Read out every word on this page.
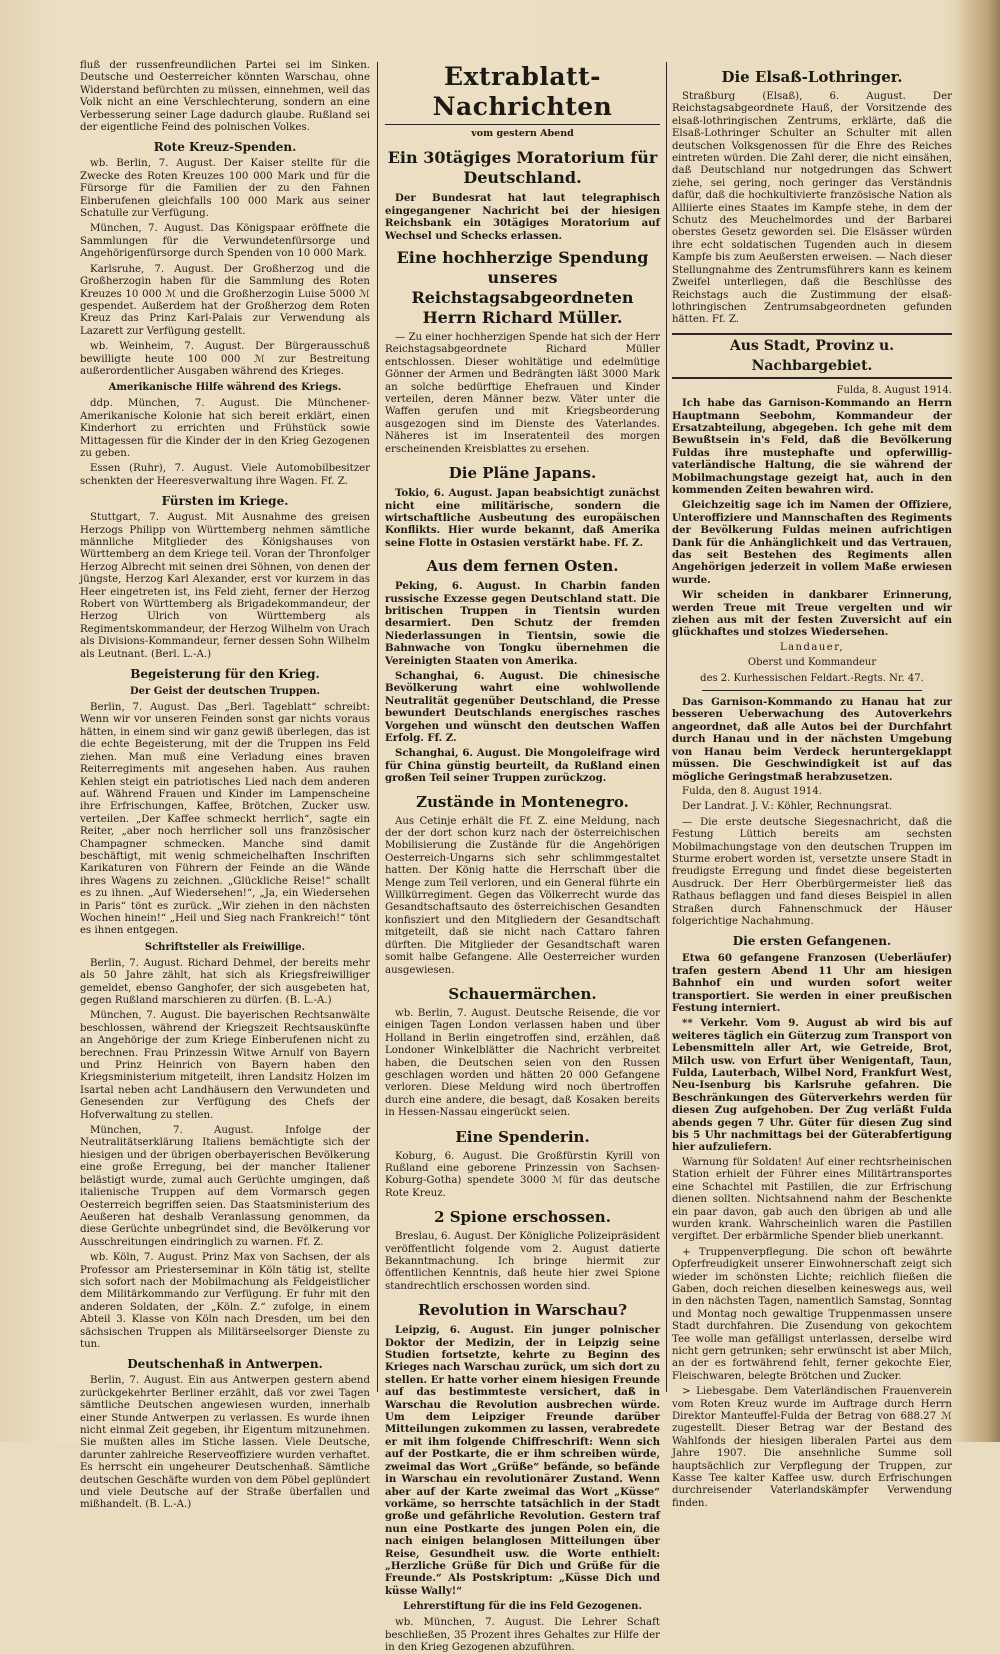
fluß der russenfreundlichen Partei sei im Sinken. Deutsche und Oesterreicher könnten Warschau, ohne Widerstand befürchten zu müssen, einnehmen, weil das Volk nicht an eine Verschlechterung, sondern an eine Verbesserung seiner Lage dadurch glaube. Rußland sei der eigentliche Feind des polnischen Volkes.

Rote Kreuz-Spenden.

wb. Berlin, 7. August. Der Kaiser stellte für die Zwecke des Roten Kreuzes 100 000 Mark und für die Fürsorge für die Familien der zu den Fahnen Einberufenen gleichfalls 100 000 Mark aus seiner Schatulle zur Verfügung.

München, 7. August. Das Königspaar eröffnete die Sammlungen für die Verwundetenfürsorge und Angehörigenfürsorge durch Spenden von 10 000 Mark.

Karlsruhe, 7. August. Der Großherzog und die Großherzogin haben für die Sammlung des Roten Kreuzes 10 000 ℳ und die Großherzogin Luise 5000 ℳ gespendet. Außerdem hat der Großherzog dem Roten Kreuz das Prinz Karl-Palais zur Verwendung als Lazarett zur Verfügung gestellt.

wb. Weinheim, 7. August. Der Bürgerausschuß bewilligte heute 100 000 ℳ zur Bestreitung außerordentlicher Ausgaben während des Krieges.

Amerikanische Hilfe während des Kriegs.

ddp. München, 7. August. Die Münchener-Amerikanische Kolonie hat sich bereit erklärt, einen Kinderhort zu errichten und Frühstück sowie Mittagessen für die Kinder der in den Krieg Gezogenen zu geben.

Essen (Ruhr), 7. August. Viele Automobilbesitzer schenkten der Heeresverwaltung ihre Wagen. Ff. Z.

Fürsten im Kriege.

Stuttgart, 7. August. Mit Ausnahme des greisen Herzogs Philipp von Württemberg nehmen sämtliche männliche Mitglieder des Königshauses von Württemberg an dem Kriege teil. Voran der Thronfolger Herzog Albrecht mit seinen drei Söhnen, von denen der jüngste, Herzog Karl Alexander, erst vor kurzem in das Heer eingetreten ist, ins Feld zieht, ferner der Herzog Robert von Württemberg als Brigadekommandeur, der Herzog Ulrich von Württemberg als Regimentskommandeur, der Herzog Wilhelm von Urach als Divisions-Kommandeur, ferner dessen Sohn Wilhelm als Leutnant. (Berl. L.-A.)

Begeisterung für den Krieg.
Der Geist der deutschen Truppen.

Berlin, 7. August. Das „Berl. Tageblatt“ schreibt: Wenn wir vor unseren Feinden sonst gar nichts voraus hätten, in einem sind wir ganz gewiß überlegen, das ist die echte Begeisterung, mit der die Truppen ins Feld ziehen. Man muß eine Verladung eines braven Reiterregiments mit angesehen haben. Aus rauhen Kehlen steigt ein patriotisches Lied nach dem anderen auf. Während Frauen und Kinder im Lampenscheine ihre Erfrischungen, Kaffee, Brötchen, Zucker usw. verteilen. „Der Kaffee schmeckt herrlich“, sagte ein Reiter, „aber noch herrlicher soll uns französischer Champagner schmecken. Manche sind damit beschäftigt, mit wenig schmeichelhaften Inschriften Karikaturen von Führern der Feinde an die Wände ihres Wagens zu zeichnen. „Glückliche Reise!“ schallt es zu ihnen. „Auf Wiedersehen!“, „Ja, ein Wiedersehen in Paris“ tönt es zurück. „Wir ziehen in den nächsten Wochen hinein!“ „Heil und Sieg nach Frankreich!“ tönt es ihnen entgegen.

Schriftsteller als Freiwillige.

Berlin, 7. August. Richard Dehmel, der bereits mehr als 50 Jahre zählt, hat sich als Kriegsfreiwilliger gemeldet, ebenso Ganghofer, der sich ausgebeten hat, gegen Rußland marschieren zu dürfen. (B. L.-A.)

München, 7. August. Die bayerischen Rechtsanwälte beschlossen, während der Kriegszeit Rechtsauskünfte an Angehörige der zum Kriege Einberufenen nicht zu berechnen. Frau Prinzessin Witwe Arnulf von Bayern und Prinz Heinrich von Bayern haben den Kriegsministerium mitgeteilt, ihren Landsitz Holzen im Isartal neben acht Landhäusern den Verwundeten und Genesenden zur Verfügung des Chefs der Hofverwaltung zu stellen.

München, 7. August. Infolge der Neutralitätserklärung Italiens bemächtigte sich der hiesigen und der übrigen oberbayerischen Bevölkerung eine große Erregung, bei der mancher Italiener belästigt wurde, zumal auch Gerüchte umgingen, daß italienische Truppen auf dem Vormarsch gegen Oesterreich begriffen seien. Das Staatsministerium des Aeußeren hat deshalb Veranlassung genommen, da diese Gerüchte unbegründet sind, die Bevölkerung vor Ausschreitungen eindringlich zu warnen. Ff. Z.

wb. Köln, 7. August. Prinz Max von Sachsen, der als Professor am Priesterseminar in Köln tätig ist, stellte sich sofort nach der Mobilmachung als Feldgeistlicher dem Militärkommando zur Verfügung. Er fuhr mit den anderen Soldaten, der „Köln. Z.“ zufolge, in einem Abteil 3. Klasse von Köln nach Dresden, um bei den sächsischen Truppen als Militärseelsorger Dienste zu tun.

Deutschenhaß in Antwerpen.

Berlin, 7. August. Ein aus Antwerpen gestern abend zurückgekehrter Berliner erzählt, daß vor zwei Tagen sämtliche Deutschen angewiesen wurden, innerhalb einer Stunde Antwerpen zu verlassen. Es wurde ihnen nicht einmal Zeit gegeben, ihr Eigentum mitzunehmen. Sie mußten alles im Stiche lassen. Viele Deutsche, darunter zahlreiche Reserveoffiziere wurden verhaftet. Es herrscht ein ungeheurer Deutschenhaß. Sämtliche deutschen Geschäfte wurden von dem Pöbel geplündert und viele Deutsche auf der Straße überfallen und mißhandelt. (B. L.-A.)

Extrablatt-Nachrichten
vom gestern Abend
Ein 30tägiges Moratorium für Deutschland.

Der Bundesrat hat laut telegraphisch eingegangener Nachricht bei der hiesigen Reichsbank ein 30tägiges Moratorium auf Wechsel und Schecks erlassen.

Eine hochherzige Spendung unseres Reichstagsabgeordneten Herrn Richard Müller.

— Zu einer hochherzigen Spende hat sich der Herr Reichstagsabgeordnete Richard Müller entschlossen. Dieser wohltätige und edelmütige Gönner der Armen und Bedrängten läßt 3000 Mark an solche bedürftige Ehefrauen und Kinder verteilen, deren Männer bezw. Väter unter die Waffen gerufen und mit Kriegsbeorderung ausgezogen sind im Dienste des Vaterlandes. Näheres ist im Inseratenteil des morgen erscheinenden Kreisblattes zu ersehen.

Die Pläne Japans.

Tokio, 6. August. Japan beabsichtigt zunächst nicht eine militärische, sondern die wirtschaftliche Ausbeutung des europäischen Konflikts. Hier wurde bekannt, daß Amerika seine Flotte in Ostasien verstärkt habe. Ff. Z.

Aus dem fernen Osten.

Peking, 6. August. In Charbin fanden russische Exzesse gegen Deutschland statt. Die britischen Truppen in Tientsin wurden desarmiert. Den Schutz der fremden Niederlassungen in Tientsin, sowie die Bahnwache von Tongku übernehmen die Vereinigten Staaten von Amerika.

Schanghai, 6. August. Die chinesische Bevölkerung wahrt eine wohlwollende Neutralität gegenüber Deutschland, die Presse bewundert Deutschlands energisches rasches Vorgehen und wünscht den deutschen Waffen Erfolg. Ff. Z.

Schanghai, 6. August. Die Mongoleifrage wird für China günstig beurteilt, da Rußland einen großen Teil seiner Truppen zurückzog.

Zustände in Montenegro.

Aus Cetinje erhält die Ff. Z. eine Meldung, nach der der dort schon kurz nach der österreichischen Mobilisierung die Zustände für die Angehörigen Oesterreich-Ungarns sich sehr schlimmgestaltet hatten. Der König hatte die Herrschaft über die Menge zum Teil verloren, und ein General führte ein Willkürregiment. Gegen das Völkerrecht wurde das Gesandtschaftsauto des österreichischen Gesandten konfisziert und den Mitgliedern der Gesandtschaft mitgeteilt, daß sie nicht nach Cattaro fahren dürften. Die Mitglieder der Gesandtschaft waren somit halbe Gefangene. Alle Oesterreicher wurden ausgewiesen.

Schauermärchen.

wb. Berlin, 7. August. Deutsche Reisende, die vor einigen Tagen London verlassen haben und über Holland in Berlin eingetroffen sind, erzählen, daß Londoner Winkelblätter die Nachricht verbreitet haben, die Deutschen seien von den Russen geschlagen worden und hätten 20 000 Gefangene verloren. Diese Meldung wird noch übertroffen durch eine andere, die besagt, daß Kosaken bereits in Hessen-Nassau eingerückt seien.

Eine Spenderin.

Koburg, 6. August. Die Großfürstin Kyrill von Rußland eine geborene Prinzessin von Sachsen-Koburg-Gotha) spendete 3000 ℳ für das deutsche Rote Kreuz.

2 Spione erschossen.

Breslau, 6. August. Der Königliche Polizeipräsident veröffentlicht folgende vom 2. August datierte Bekanntmachung. Ich bringe hiermit zur öffentlichen Kenntnis, daß heute hier zwei Spione standrechtlich erschossen worden sind.

Revolution in Warschau?

Leipzig, 6. August. Ein junger polnischer Doktor der Medizin, der in Leipzig seine Studien fortsetzte, kehrte zu Beginn des Krieges nach Warschau zurück, um sich dort zu stellen. Er hatte vorher einem hiesigen Freunde auf das bestimmteste versichert, daß in Warschau die Revolution ausbrechen würde. Um dem Leipziger Freunde darüber Mitteilungen zukommen zu lassen, verabredete er mit ihm folgende Chiffreschrift: Wenn sich auf der Postkarte, die er ihm schreiben würde, zweimal das Wort „Grüße“ befände, so befände in Warschau ein revolutionärer Zustand. Wenn aber auf der Karte zweimal das Wort „Küsse“ vorkäme, so herrschte tatsächlich in der Stadt große und gefährliche Revolution. Gestern traf nun eine Postkarte des jungen Polen ein, die nach einigen belanglosen Mitteilungen über Reise, Gesundheit usw. die Worte enthielt: „Herzliche Grüße für Dich und Grüße für die Freunde.“ Als Postskriptum: „Küsse Dich und küsse Wally!“

Lehrerstiftung für die ins Feld Gezogenen.

wb. München, 7. August. Die Lehrer Schaft beschließen, 35 Prozent ihres Gehaltes zur Hilfe der in den Krieg Gezogenen abzuführen.

Die Elsaß-Lothringer.

Straßburg (Elsaß), 6. August. Der Reichstagsabgeordnete Hauß, der Vorsitzende des elsaß-lothringischen Zentrums, erklärte, daß die Elsaß-Lothringer Schulter an Schulter mit allen deutschen Volksgenossen für die Ehre des Reiches eintreten würden. Die Zahl derer, die nicht einsähen, daß Deutschland nur notgedrungen das Schwert ziehe, sei gering, noch geringer das Verständnis dafür, daß die hochkultivierte französische Nation als Alliierte eines Staates im Kampfe stehe, in dem der Schutz des Meuchelmordes und der Barbarei oberstes Gesetz geworden sei. Die Elsässer würden ihre echt soldatischen Tugenden auch in diesem Kampfe bis zum Aeußersten erweisen. — Nach dieser Stellungnahme des Zentrumsführers kann es keinem Zweifel unterliegen, daß die Beschlüsse des Reichstags auch die Zustimmung der elsaß-lothringischen Zentrumsabgeordneten gefunden hätten. Ff. Z.

Aus Stadt, Provinz u. Nachbargebiet.
Fulda, 8. August 1914.

Ich habe das Garnison-Kommando an Herrn Hauptmann Seebohm, Kommandeur der Ersatzabteilung, abgegeben. Ich gehe mit dem Bewußtsein in's Feld, daß die Bevölkerung Fuldas ihre mustерhafte und opferwillig-vaterländische Haltung, die sie während der Mobilmachungstage gezeigt hat, auch in den kommenden Zeiten bewahren wird.

Gleichzeitig sage ich im Namen der Offiziere, Unteroffiziere und Mannschaften des Regiments der Bevölkerung Fuldas meinen aufrichtigen Dank für die Anhänglichkeit und das Vertrauen, das seit Bestehen des Regiments allen Angehörigen jederzeit in vollem Maße erwiesen wurde.

Wir scheiden in dankbarer Erinnerung, werden Treue mit Treue vergelten und wir ziehen aus mit der festen Zuversicht auf ein glückhaftes und stolzes Wiedersehen.

Landauer,
Oberst und Kommandeur
des 2. Kurhessischen Feldart.-Regts. Nr. 47.

Das Garnison-Kommando zu Hanau hat zur besseren Ueberwachung des Autoverkehrs angeordnet, daß alle Autos bei der Durchfahrt durch Hanau und in der nächsten Umgebung von Hanau beim Verdeck heruntergeklappt müssen. Die Geschwindigkeit ist auf das mögliche Geringstmaß herabzusetzen.

Fulda, den 8. August 1914.

Der Landrat. J. V.: Köhler, Rechnungsrat.

— Die erste deutsche Siegesnachricht, daß die Festung Lüttich bereits am sechsten Mobilmachungstage von den deutschen Truppen im Sturme erobert worden ist, versetzte unsere Stadt in freudigste Erregung und findet diese begeisterten Ausdruck. Der Herr Oberbürgermeister ließ das Rathaus beflaggen und fand dieses Beispiel in allen Straßen durch Fahnenschmuck der Häuser folgerichtige Nachahmung.

Die ersten Gefangenen.

Etwa 60 gefangene Franzosen (Ueberläufer) trafen gestern Abend 11 Uhr am hiesigen Bahnhof ein und wurden sofort weiter transportiert. Sie werden in einer preußischen Festung interniert.

** Verkehr. Vom 9. August ab wird bis auf weiteres täglich ein Güterzug zum Transport von Lebensmitteln aller Art, wie Getreide, Brot, Milch usw. von Erfurt über Wenigentaft, Taun, Fulda, Lauterbach, Wilbel Nord, Frankfurt West, Neu-Isenburg bis Karlsruhe gefahren. Die Beschränkungen des Güterverkehrs werden für diesen Zug aufgehoben. Der Zug verläßt Fulda abends gegen 7 Uhr. Güter für diesen Zug sind bis 5 Uhr nachmittags bei der Güterabfertigung hier aufzuliefern.

Warnung für Soldaten! Auf einer rechtsrheinischen Station erhielt der Führer eines Militärtransportes eine Schachtel mit Pastillen, die zur Erfrischung dienen sollten. Nichtsahnend nahm der Beschenkte ein paar davon, gab auch den übrigen ab und alle wurden krank. Wahrscheinlich waren die Pastillen vergiftet. Der erbärmliche Spender blieb unerkannt.

+ Truppenverpflegung. Die schon oft bewährte Opferfreudigkeit unserer Einwohnerschaft zeigt sich wieder im schönsten Lichte; reichlich fließen die Gaben, doch reichen dieselben keineswegs aus, weil in den nächsten Tagen, namentlich Samstag, Sonntag und Montag noch gewaltige Truppenmassen unsere Stadt durchfahren. Die Zusendung von gekochtem Tee wolle man gefälligst unterlassen, derselbe wird nicht gern getrunken; sehr erwünscht ist aber Milch, an der es fortwährend fehlt, ferner gekochte Eier, Fleischwaren, belegte Brötchen und Zucker.

> Liebesgabe. Dem Vaterländischen Frauenverein vom Roten Kreuz wurde im Auftrage durch Herrn Direktor Manteuffel-Fulda der Betrag von 688.27 ℳ zugestellt. Dieser Betrag war der Bestand des Wahlfonds der hiesigen liberalen Partei aus dem Jahre 1907. Die ansehnliche Summe soll hauptsächlich zur Verpflegung der Truppen, zur Kasse Tee kalter Kaffee usw. durch Erfrischungen durchreisender Vaterlandskämpfer Verwendung finden.
